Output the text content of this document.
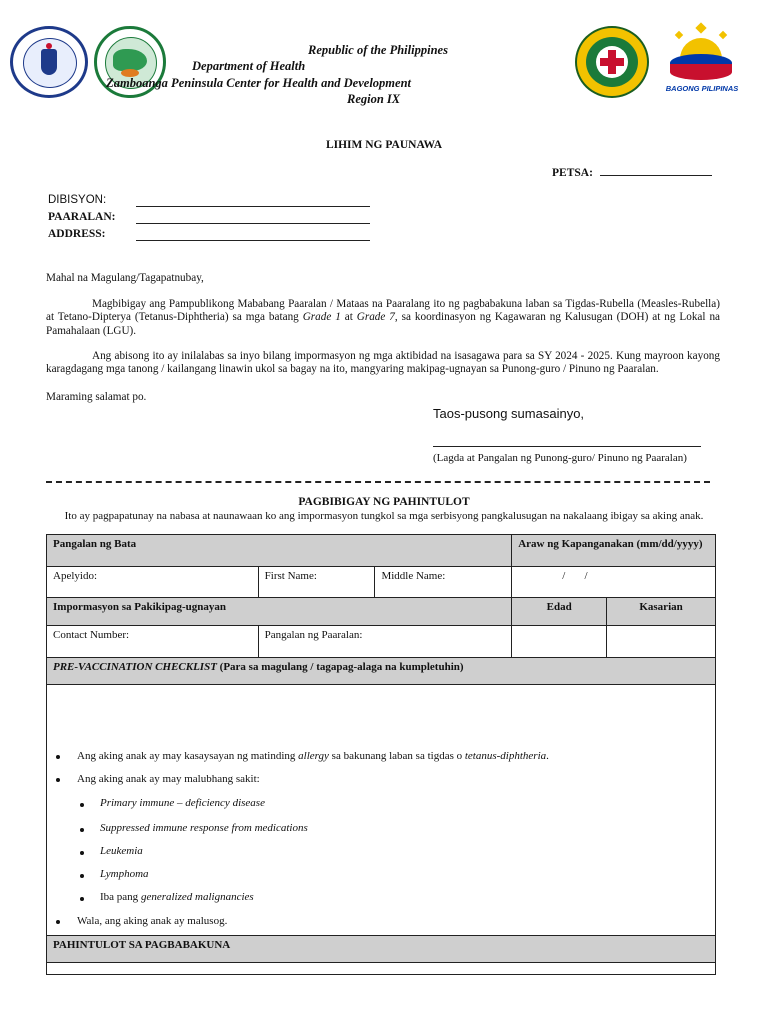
BAGONG PILIPINAS
Republic of the Philippines
Department of Health
Zamboanga Peninsula Center for Health and Development
Region IX
LIHIM NG PAUNAWA
PETSA:
DIBISYON:
PAARALAN:
ADDRESS:
Mahal na Magulang/Tagapatnubay,
Magbibigay ang Pampublikong Mababang Paaralan / Mataas na Paaralang ito ng pagbabakuna laban sa Tigdas-Rubella (Measles-Rubella) at Tetano-Dipterya (Tetanus-Diphtheria) sa mga batang Grade 1 at Grade 7, sa koordinasyon ng Kagawaran ng Kalusugan (DOH) at ng Lokal na Pamahalaan (LGU).
Ang abisong ito ay inilalabas sa inyo bilang impormasyon ng mga aktibidad na isasagawa para sa SY 2024 - 2025. Kung mayroon kayong karagdagang mga tanong / kailangang linawin ukol sa bagay na ito, mangyaring makipag-ugnayan sa Punong-guro / Pinuno ng Paaralan.
Maraming salamat po.
Taos-pusong sumasainyo,
(Lagda at Pangalan ng Punong-guro/ Pinuno ng Paaralan)
PAGBIBIGAY NG PAHINTULOT
Ito ay pagpapatunay na nabasa at naunawaan ko ang impormasyon tungkol sa mga serbisyong pangkalusugan na nakalaang ibigay sa aking anak.
Pangalan ng Bata			Araw ng Kapanganakan (mm/dd/yyyy)	
Apelyido:	First Name:	Middle Name:	/       /	
Impormasyon sa Pakikipag-ugnayan			Edad	Kasarian
Contact Number:	Pangalan ng Paaralan:			
PRE-VACCINATION CHECKLIST (Para sa magulang / tagapag-alaga na kumpletuhin)				

PAHINTULOT SA PAGBABAKUNA				

Ang aking anak ay may kasaysayan ng matinding allergy sa bakunang laban sa tigdas o tetanus-diphtheria.
Ang aking anak ay may malubhang sakit:
Primary immune – deficiency disease
Suppressed immune response from medications
Leukemia
Lymphoma
Iba pang generalized malignancies
Wala, ang aking anak ay malusog.
